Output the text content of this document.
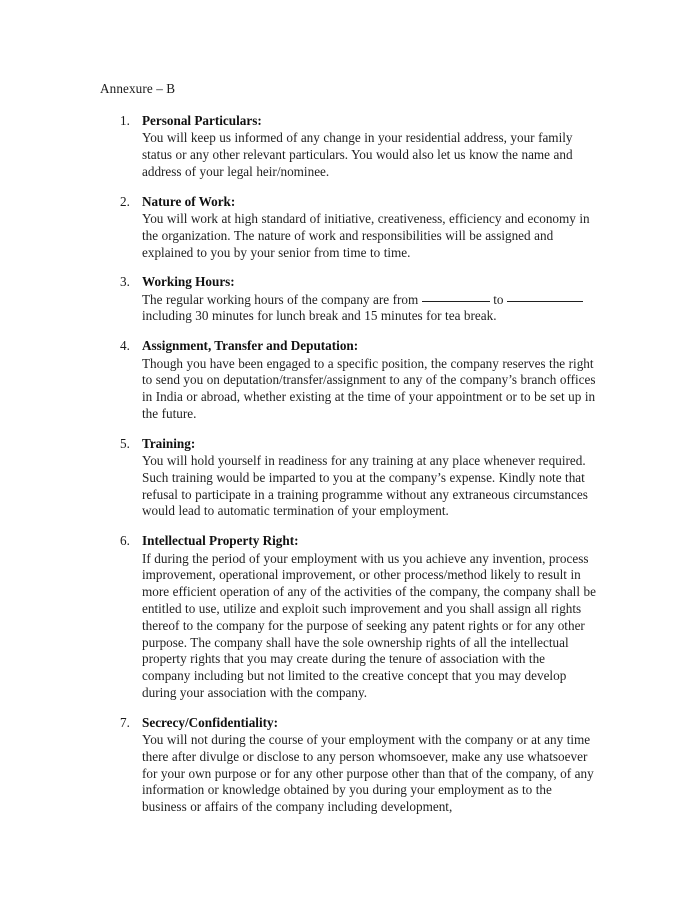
Annexure – B
1. Personal Particulars:
You will keep us informed of any change in your residential address, your family status or any other relevant particulars. You would also let us know the name and address of your legal heir/nominee.
2. Nature of Work:
You will work at high standard of initiative, creativeness, efficiency and economy in the organization. The nature of work and responsibilities will be assigned and explained to you by your senior from time to time.
3. Working Hours:
The regular working hours of the company are from	to  including 30 minutes for lunch break and 15 minutes for tea break.
4. Assignment, Transfer and Deputation:
Though you have been engaged to a specific position, the company reserves the right to send you on deputation/transfer/assignment to any of the company’s branch offices in India or abroad, whether existing at the time of your appointment or to be set up in the future.
5. Training:
You will hold yourself in readiness for any training at any place whenever required. Such training would be imparted to you at the company’s expense. Kindly note that refusal to participate in a training programme without any extraneous circumstances would lead to automatic termination of your employment.
6. Intellectual Property Right:
If during the period of your employment with us you achieve any invention, process improvement, operational improvement, or other process/method likely to result in more efficient operation of any of the activities of the company, the company shall be entitled to use, utilize and exploit such improvement and you shall assign all rights thereof to the company for the purpose of seeking any patent rights or for any other purpose. The company shall have the sole ownership rights of all the intellectual property rights that you may create during the tenure of association with the company including but not limited to the creative concept that you may develop during your association with the company.
7. Secrecy/Confidentiality:
You will not during the course of your employment with the company or at any time there after divulge or disclose to any person whomsoever, make any use whatsoever for your own purpose or for any other purpose other than that of the company, of any information or knowledge obtained by you during your employment as to the business or affairs of the company including development,
